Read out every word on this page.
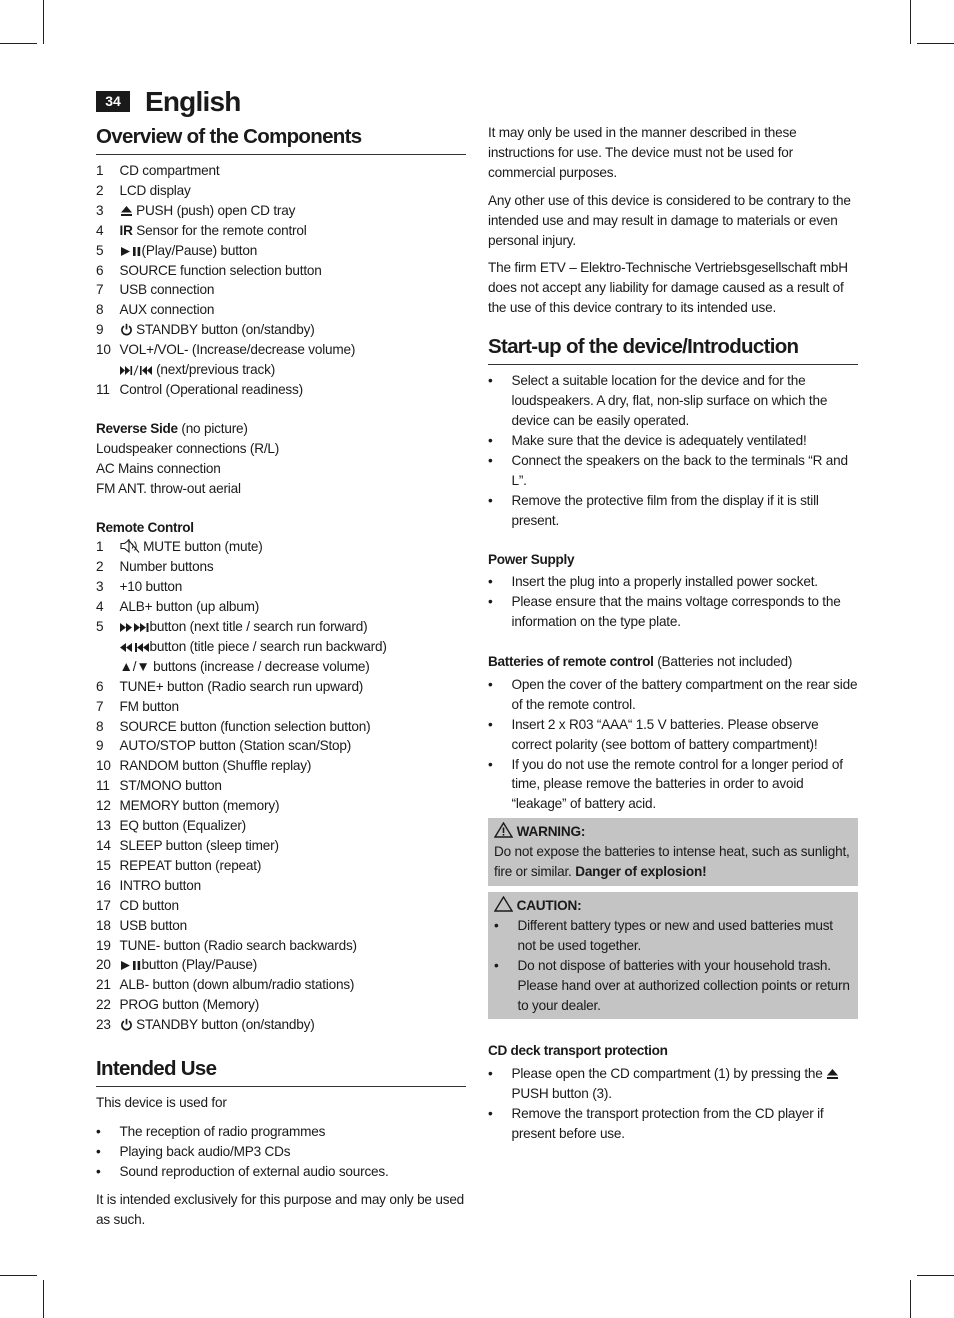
34 English
Overview of the Components
1	CD compartment
2	LCD display
3	PUSH (push) open CD tray
4	IR Sensor for the remote control
5	(Play/Pause) button
6	SOURCE function selection button
7	USB connection
8	AUX connection
9	STANDBY button (on/standby)
10 VOL+/VOL- (Increase/decrease volume)
(next/previous track)
11 Control (Operational readiness)

Reverse Side (no picture)

Loudspeaker connections (R/L)

AC Mains connection

FM ANT. throw-out aerial

Remote Control

1	MUTE button (mute)
2	Number buttons
3	+10 button
4	ALB+ button (up album)
5	button (next title / search run forward)
button (title piece / search run backward)
▲/▼ buttons (increase / decrease volume)
6	TUNE+ button (Radio search run upward)
7	FM button
8	SOURCE button (function selection button)
9	AUTO/STOP button (Station scan/Stop)
10 RANDOM button (Shuffle replay)
11 ST/MONO button
12 MEMORY button (memory)
13 EQ button (Equalizer)
14 SLEEP button (sleep timer)
15 REPEAT button (repeat)
16 INTRO button
17 CD button
18 USB button
19 TUNE- button (Radio search backwards)
20	button (Play/Pause)
21 ALB- button (down album/radio stations)
22 PROG button (Memory)
23	STANDBY button (on/standby)
Intended Use

This device is used for

•	The reception of radio programmes
•	Playing back audio/MP3 CDs
•	Sound reproduction of external audio sources.

It is intended exclusively for this purpose and may only be used as such.

It may only be used in the manner described in these instructions for use. The device must not be used for commercial purposes.

Any other use of this device is considered to be contrary to the intended use and may result in damage to materials or even personal injury.

The firm ETV – Elektro-Technische Vertriebsgesellschaft mbH does not accept any liability for damage caused as a result of the use of this device contrary to its intended use.

Start-up of the device/Introduction
•	Select a suitable location for the device and for the loudspeakers. A dry, flat, non-slip surface on which the device can be easily operated.
•	Make sure that the device is adequately ventilated!
•	Connect the speakers on the back to the terminals “R and L”.
•	Remove the protective film from the display if it is still present.

Power Supply

•	Insert the plug into a properly installed power socket.
•	Please ensure that the mains voltage corresponds to the information on the type plate.

Batteries of remote control (Batteries not included)

•	Open the cover of the battery compartment on the rear side of the remote control.
•	Insert 2 x R03 “AAA“ 1.5 V batteries. Please observe correct polarity (see bottom of battery compartment)!
•	If you do not use the remote control for a longer period of time, please remove the batteries in order to avoid “leakage” of battery acid.
WARNING:

Do not expose the batteries to intense heat, such as sunlight, fire or similar. Danger of explosion!

CAUTION:
•	Different battery types or new and used batteries must not be used together.
•	Do not dispose of batteries with your household trash. Please hand over at authorized collection points or return to your dealer.

CD deck transport protection

•	Please open the CD compartment (1) by pressing the  PUSH button (3).
•	Remove the transport protection from the CD player if present before use.
